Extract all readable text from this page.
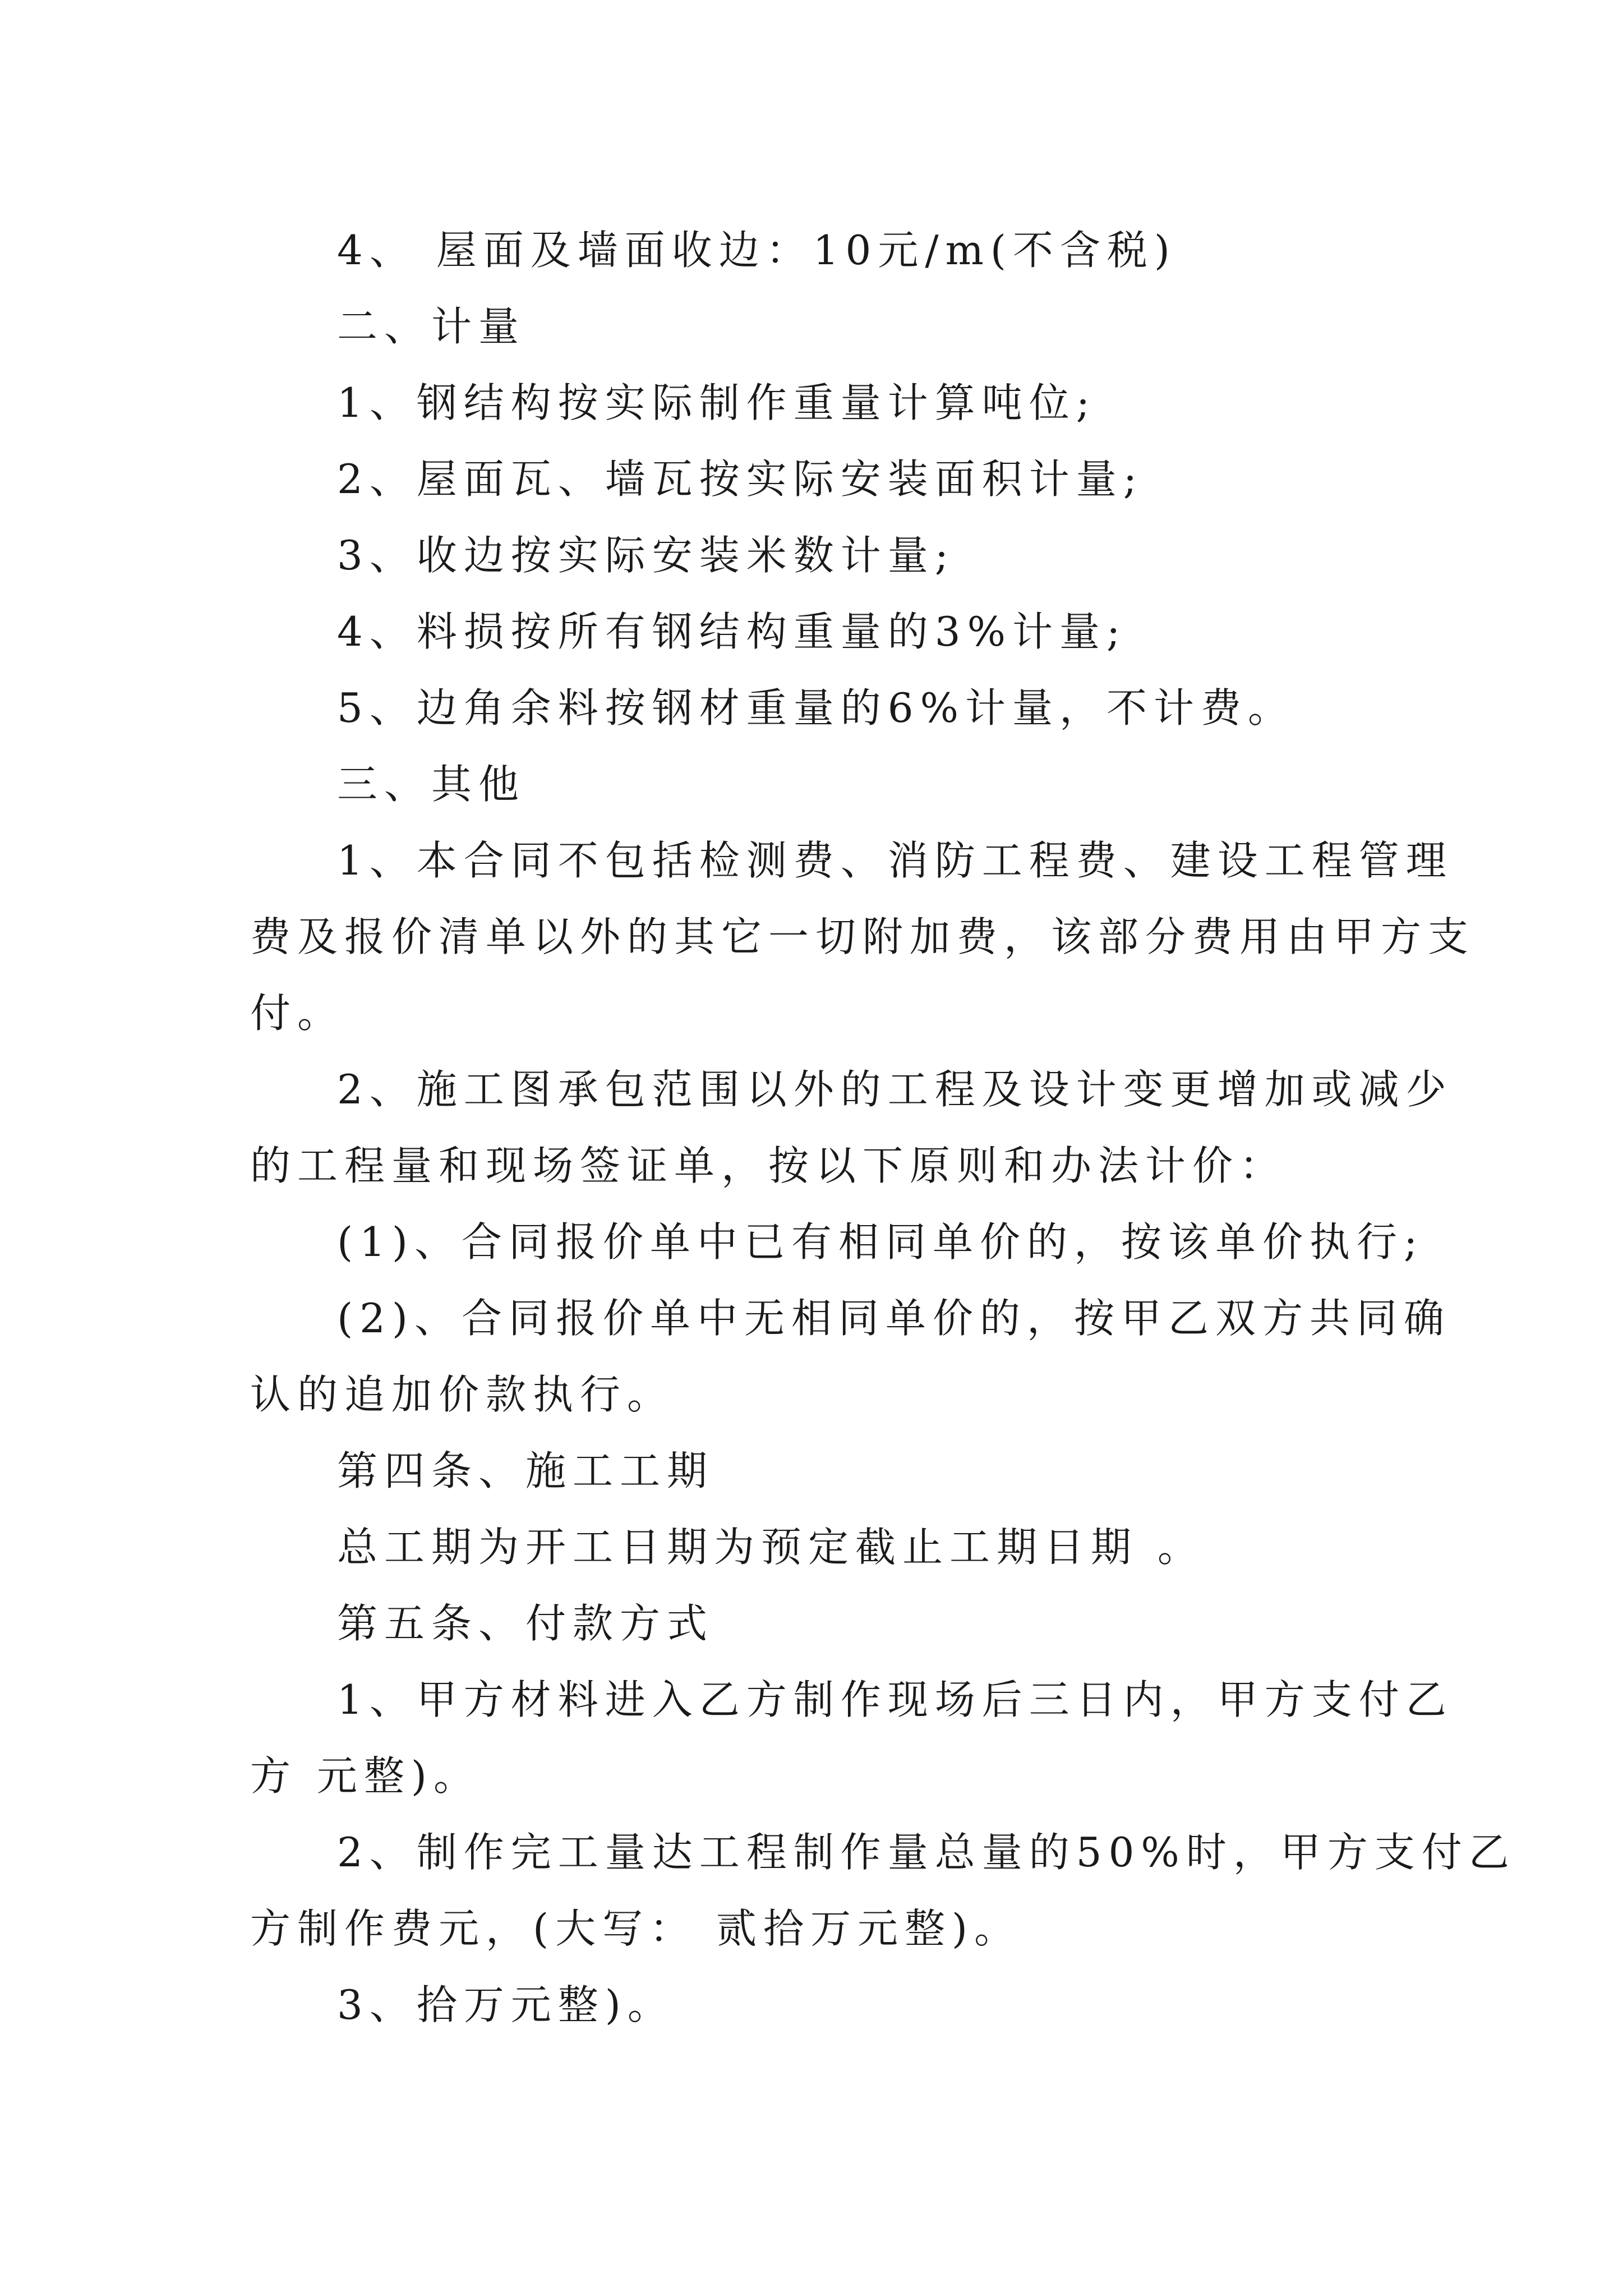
4、 屋面及墙面收边：10元/m(不含税)
二、计量
1、钢结构按实际制作重量计算吨位;
2、屋面瓦、墙瓦按实际安装面积计量;
3、收边按实际安装米数计量;
4、料损按所有钢结构重量的3%计量;
5、边角余料按钢材重量的6%计量，不计费。
三、其他
1、本合同不包括检测费、消防工程费、建设工程管理
费及报价清单以外的其它一切附加费，该部分费用由甲方支
付。
2、施工图承包范围以外的工程及设计变更增加或减少
的工程量和现场签证单，按以下原则和办法计价：
(1)、合同报价单中已有相同单价的，按该单价执行;
(2)、合同报价单中无相同单价的，按甲乙双方共同确
认的追加价款执行。
第四条、施工工期
总工期为开工日期为预定截止工期日期 。
第五条、付款方式
1、甲方材料进入乙方制作现场后三日内，甲方支付乙
方 元整)。
2、制作完工量达工程制作量总量的50%时，甲方支付乙
方制作费元，(大写： 贰拾万元整)。
3、拾万元整)。
